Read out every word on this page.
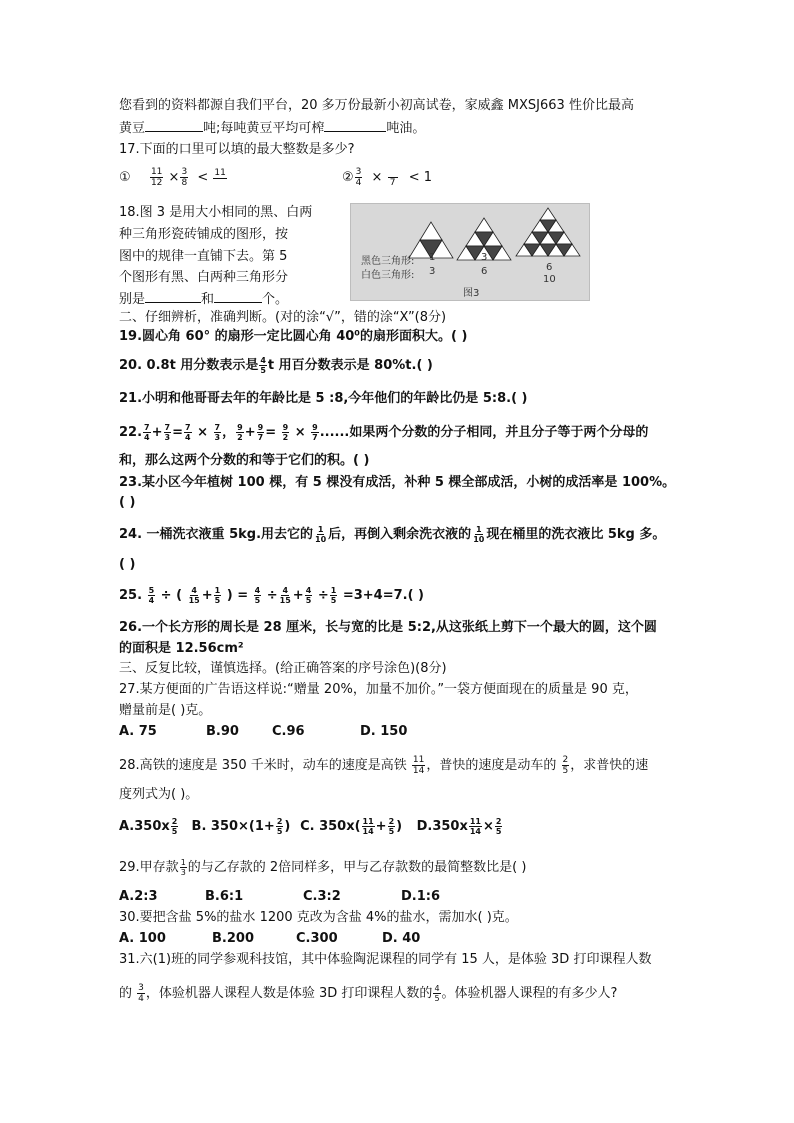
您看到的资料都源自我们平台，20 多万份最新小初高试卷，家威鑫 MXSJ663 性价比最高
黄豆	吨;每吨黄豆平均可榨	吨油。
17.下面的口里可以填的最大整数是多少?
① $\frac{11}{12} \times \frac{3}{8} < 11$	② $\frac{3}{4} \times 7 < 1$
18.图 3 是用大小相同的黑、白两
种三角形瓷砖铺成的图形，按
图中的规律一直铺下去。第 5
个图形有黑、白两种三角形分
别是	和	个。
黑色三角形:
白色三角形:
1	3
6
3	6
10
图3
二、仔细辨析，准确判断。(对的涂“√”，错的涂“X”(8分)
19.圆心角 60° 的扇形一定比圆心角 40⁰的扇形面积大。( )
20. 0.8t 用分数表示是 $\frac{4}{5}$ t 用百分数表示是 80%t.( )
21.小明和他哥哥去年的年龄比是 5 :8,今年他们的年龄比仍是 5:8.( )
22. $\frac{7}{4} + \frac{7}{3} = \frac{7}{4} \times \frac{7}{3}$ ， $\frac{9}{2} + \frac{9}{7} = \frac{9}{2} \times \frac{9}{7}$ ......如果两个分数的分子相同，并且分子等于两个分母的
和，那么这两个分数的和等于它们的积。( )
23.某小区今年植树 100 棵，有 5 棵没有成活，补种 5 棵全部成活，小树的成活率是 100%。
( )
24. 一桶洗衣液重 5kg.用去它的 $\frac{1}{10}$ 后，再倒入剩余洗衣液的 $\frac{1}{10}$ 现在桶里的洗衣液比 5kg 多。
( )
25. $\frac{5}{4}$ ÷ ( $\frac{4}{15} + \frac{1}{5}$ ) = $\frac{4}{5} \div \frac{4}{15} + \frac{4}{5} \div \frac{1}{5} =3+4=7$.( )
26.一个长方形的周长是 28 厘米，长与宽的比是 5:2,从这张纸上剪下一个最大的圆，这个圆
的面积是 12.56cm²
三、反复比较，谨慎选择。(给正确答案的序号涂色)(8分)
27.某方便面的广告语这样说:“赠量 20%，加量不加价。”一袋方便面现在的质量是 90 克，
赠量前是( )克。
A. 75	B.90	C.96	D. 150
28.高铁的速度是 350 千米时，动车的速度是高铁 $\frac{11}{14}$ ，普快的速度是动车的 $\frac{2}{5}$ ，求普快的速
度列式为( )。
$A.350x \frac{2}{5} B$. $350\times(1+ \frac{2}{5}$ ) C. $350x( \frac{11}{14} + \frac{2}{5}$ ) $D.350x \frac{11}{14} \times \frac{2}{5}$
29.甲存款 $\frac{1}{3}$ 的与乙存款的 2倍同样多，甲与乙存款数的最简整数比是( )
A.2:3	B.6:1	C.3:2	D.1:6
30.要把含盐 5%的盐水 1200 克改为含盐 4%的盐水，需加水( )克。
A. 100	B.200	C.300	D. 40
31.六(1)班的同学参观科技馆，其中体验陶泥课程的同学有 15 人，是体验 3D 打印课程人数
的 $\frac{3}{4}$ ，体验机器人课程人数是体验 3D 打印课程人数的 $\frac{4}{5}$ 。体验机器人课程的有多少人?
